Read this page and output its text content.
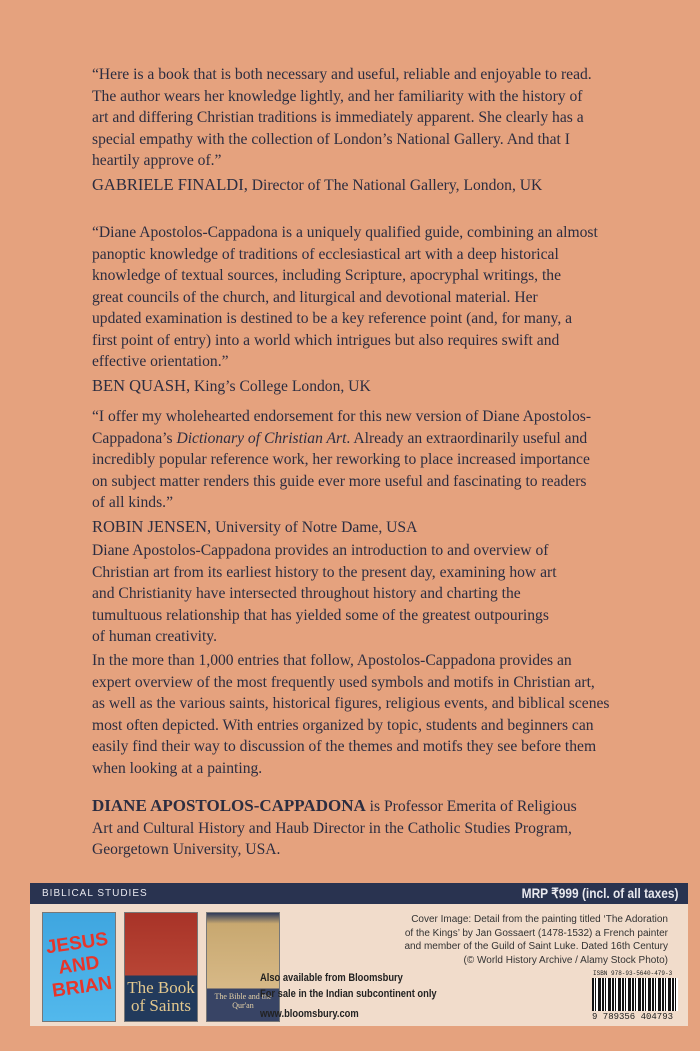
“Here is a book that is both necessary and useful, reliable and enjoyable to read.
The author wears her knowledge lightly, and her familiarity with the history of
art and differing Christian traditions is immediately apparent. She clearly has a
special empathy with the collection of London’s National Gallery. And that I
heartily approve of.”
GABRIELE FINALDI, Director of The National Gallery, London, UK
“Diane Apostolos-Cappadona is a uniquely qualified guide, combining an almost
panoptic knowledge of traditions of ecclesiastical art with a deep historical
knowledge of textual sources, including Scripture, apocryphal writings, the
great councils of the church, and liturgical and devotional material. Her
updated examination is destined to be a key reference point (and, for many, a
first point of entry) into a world which intrigues but also requires swift and
effective orientation.”
BEN QUASH, King’s College London, UK
“I offer my wholehearted endorsement for this new version of Diane Apostolos-
Cappadona’s Dictionary of Christian Art. Already an extraordinarily useful and
incredibly popular reference work, her reworking to place increased importance
on subject matter renders this guide ever more useful and fascinating to readers
of all kinds.”
ROBIN JENSEN, University of Notre Dame, USA
Diane Apostolos-Cappadona provides an introduction to and overview of
Christian art from its earliest history to the present day, examining how art
and Christianity have intersected throughout history and charting the
tumultuous relationship that has yielded some of the greatest outpourings
of human creativity.
In the more than 1,000 entries that follow, Apostolos-Cappadona provides an
expert overview of the most frequently used symbols and motifs in Christian art,
as well as the various saints, historical figures, religious events, and biblical scenes
most often depicted. With entries organized by topic, students and beginners can
easily find their way to discussion of the themes and motifs they see before them
when looking at a painting.
DIANE APOSTOLOS-CAPPADONA is Professor Emerita of Religious
Art and Cultural History and Haub Director in the Catholic Studies Program,
Georgetown University, USA.
BIBLICAL STUDIES	MRP ₹999 (incl. of all taxes)
JESUS AND BRIAN The Book of Saints	The Bible and the Qur'an
Cover Image: Detail from the painting titled ‘The Adoration
of the Kings’ by Jan Gossaert (1478-1532) a French painter
and member of the Guild of Saint Luke. Dated 16th Century
(© World History Archive / Alamy Stock Photo)
Also available from Bloomsbury
For sale in the Indian subcontinent only
www.bloomsbury.com
ISBN 978-93-5640-479-3
9 789356 404793
